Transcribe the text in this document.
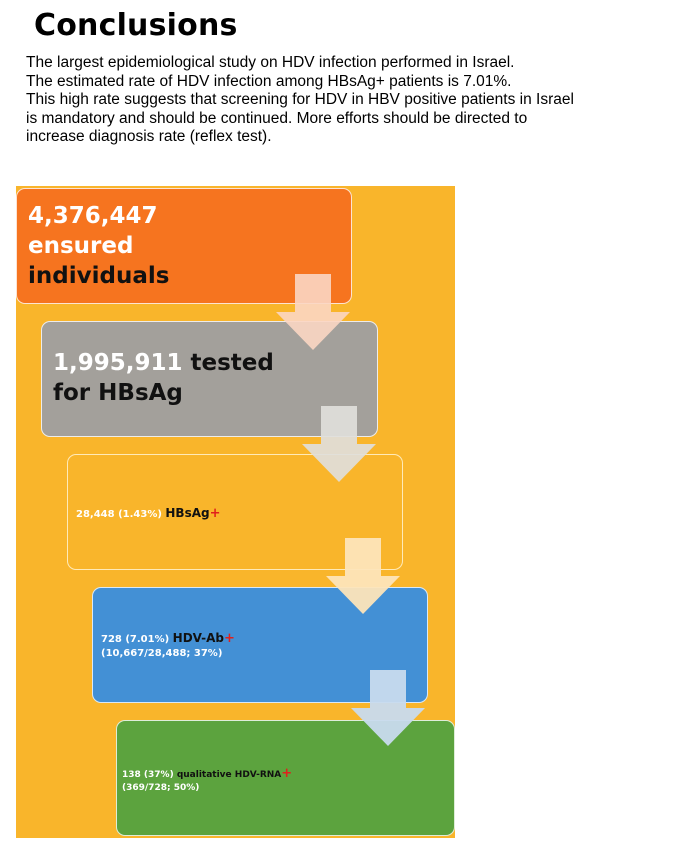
Conclusions
The largest epidemiological study on HDV infection performed in Israel.
The estimated rate of HDV infection among HBsAg+ patients is 7.01%.
This high rate suggests that screening for HDV in HBV positive patients in Israel
is mandatory and should be continued. More efforts should be directed to
increase diagnosis rate (reflex test).
4,376,447
ensured
individuals
1,995,911 tested
for HBsAg
28,448 (1.43%) HBsAg+
728 (7.01%) HDV-Ab+
(10,667/28,488; 37%)
138 (37%) qualitative HDV-RNA+
(369/728; 50%)
